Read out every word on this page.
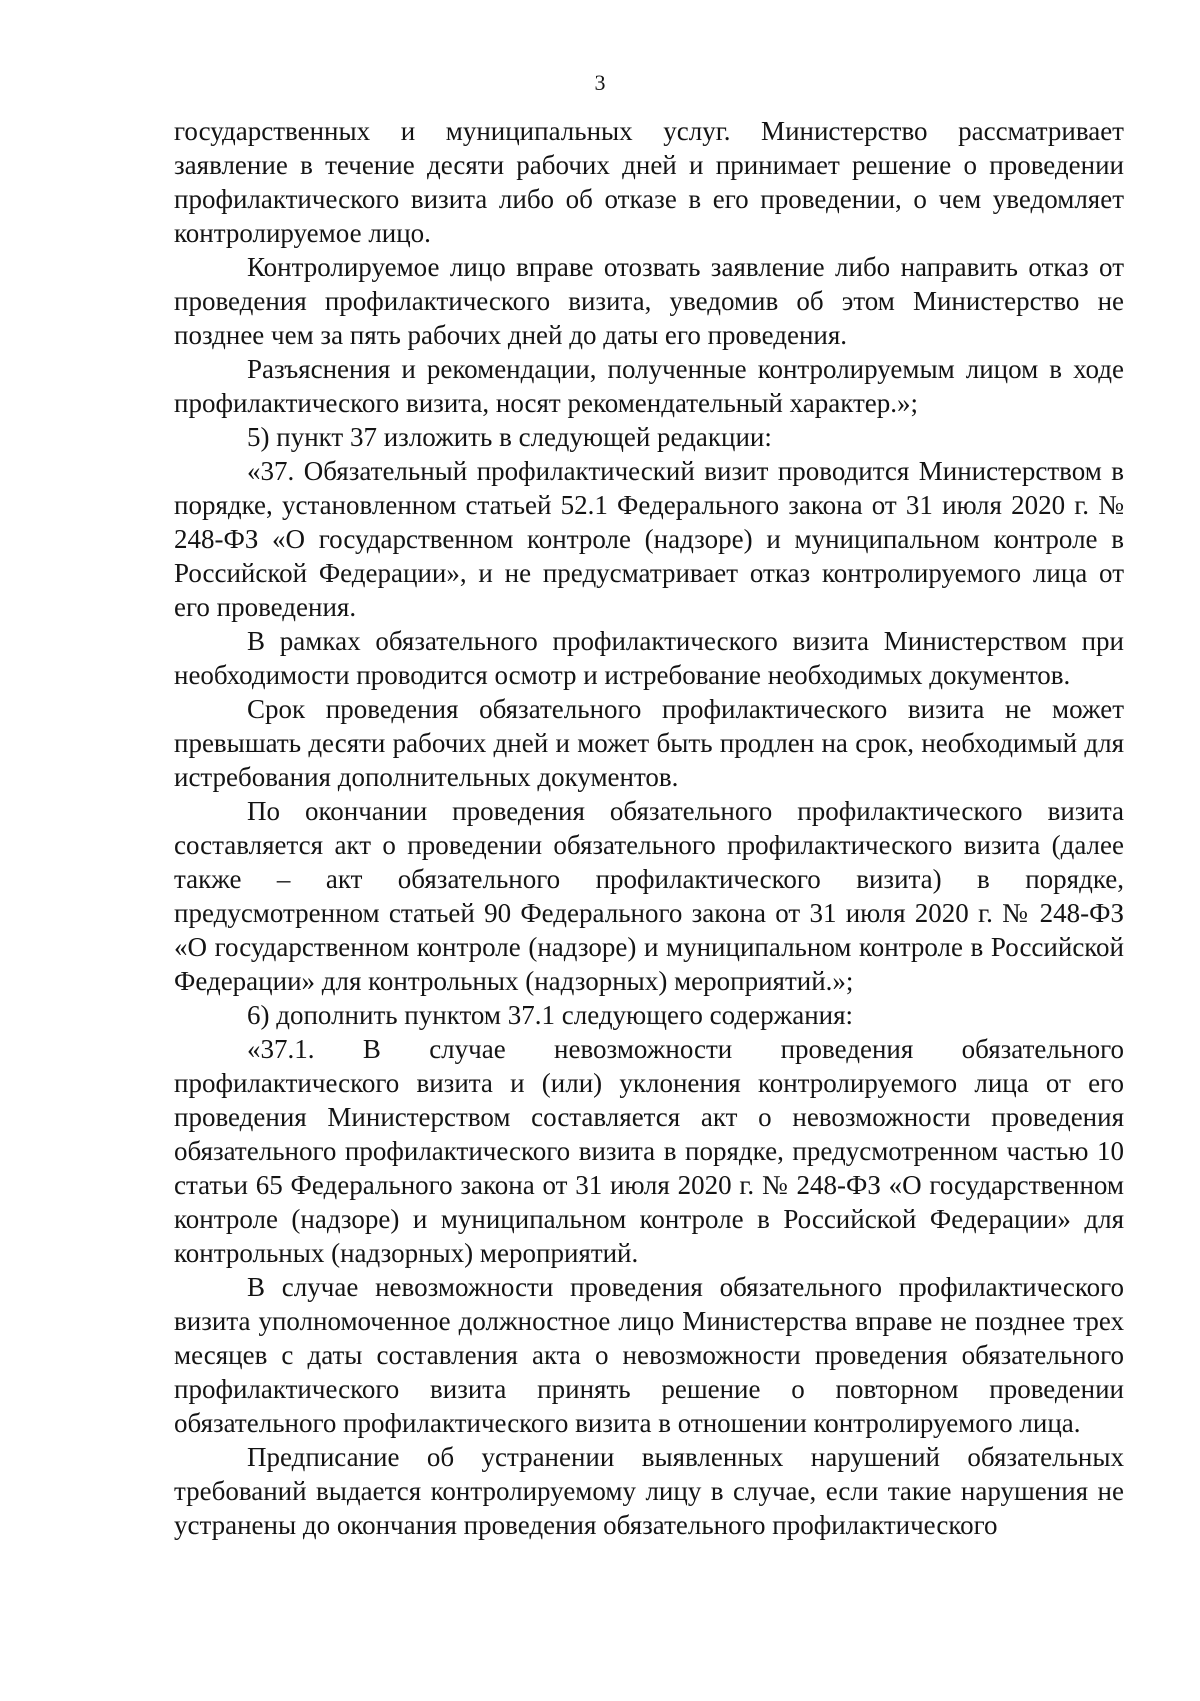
3

государственных и муниципальных услуг. Министерство рассматривает заявление в течение десяти рабочих дней и принимает решение о проведении профилактического визита либо об отказе в его проведении, о чем уведомляет контролируемое лицо.

Контролируемое лицо вправе отозвать заявление либо направить отказ от проведения профилактического визита, уведомив об этом Министерство не позднее чем за пять рабочих дней до даты его проведения.

Разъяснения и рекомендации, полученные контролируемым лицом в ходе профилактического визита, носят рекомендательный характер.»;

5) пункт 37 изложить в следующей редакции:

«37. Обязательный профилактический визит проводится Министерством в порядке, установленном статьей 52.1 Федерального закона от 31 июля 2020 г. № 248-ФЗ «О государственном контроле (надзоре) и муниципальном контроле в Российской Федерации», и не предусматривает отказ контролируемого лица от его проведения.

В рамках обязательного профилактического визита Министерством при необходимости проводится осмотр и истребование необходимых документов.

Срок проведения обязательного профилактического визита не может превышать десяти рабочих дней и может быть продлен на срок, необходимый для истребования дополнительных документов.

По окончании проведения обязательного профилактического визита составляется акт о проведении обязательного профилактического визита (далее также – акт обязательного профилактического визита) в порядке, предусмотренном статьей 90 Федерального закона от 31 июля 2020 г. № 248-ФЗ «О государственном контроле (надзоре) и муниципальном контроле в Российской Федерации» для контрольных (надзорных) мероприятий.»;

6) дополнить пунктом 37.1 следующего содержания:

«37.1. В случае невозможности проведения обязательного профилактического визита и (или) уклонения контролируемого лица от его проведения Министерством составляется акт о невозможности проведения обязательного профилактического визита в порядке, предусмотренном частью 10 статьи 65 Федерального закона от 31 июля 2020 г. № 248-ФЗ «О государственном контроле (надзоре) и муниципальном контроле в Российской Федерации» для контрольных (надзорных) мероприятий.

В случае невозможности проведения обязательного профилактического визита уполномоченное должностное лицо Министерства вправе не позднее трех месяцев с даты составления акта о невозможности проведения обязательного профилактического визита принять решение о повторном проведении обязательного профилактического визита в отношении контролируемого лица.

Предписание об устранении выявленных нарушений обязательных требований выдается контролируемому лицу в случае, если такие нарушения не устранены до окончания проведения обязательного профилактического
